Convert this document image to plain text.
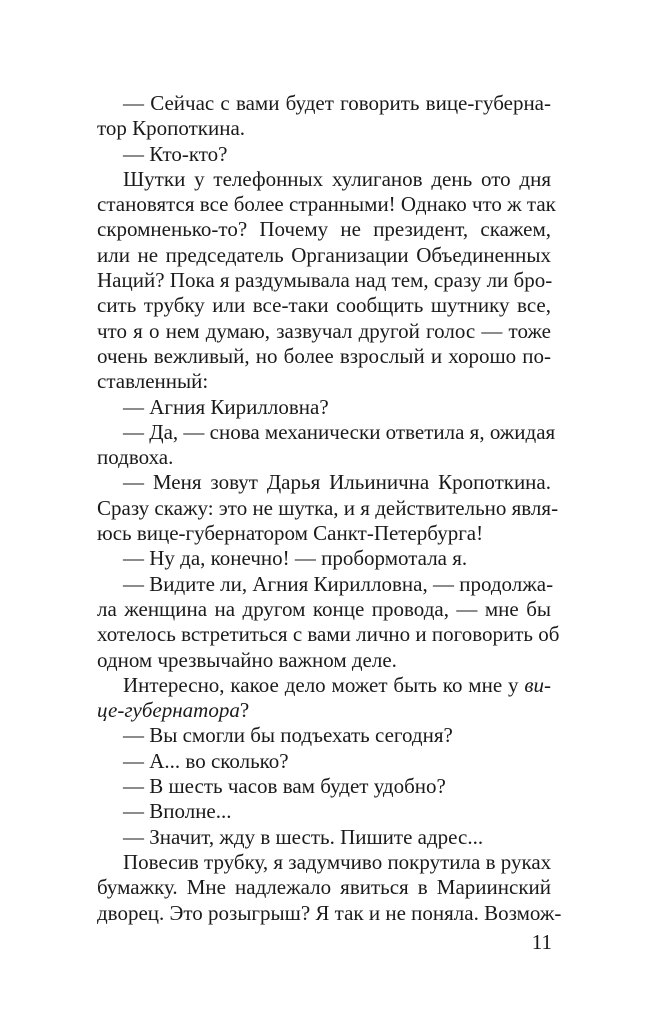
— Сейчас с вами будет говорить вице-губерна-
тор Кропоткина.
— Кто-кто?
Шутки у телефонных хулиганов день ото дня
становятся все более странными! Однако что ж так
скромненько-то? Почему не президент, скажем,
или не председатель Организации Объединенных
Наций? Пока я раздумывала над тем, сразу ли бро-
сить трубку или все-таки сообщить шутнику все,
что я о нем думаю, зазвучал другой голос — тоже
очень вежливый, но более взрослый и хорошо по-
ставленный:
— Агния Кирилловна?
— Да, — снова механически ответила я, ожидая
подвоха.
— Меня зовут Дарья Ильинична Кропоткина.
Сразу скажу: это не шутка, и я действительно явля-
юсь вице-губернатором Санкт-Петербурга!
— Ну да, конечно! — пробормотала я.
— Видите ли, Агния Кирилловна, — продолжа-
ла женщина на другом конце провода, — мне бы
хотелось встретиться с вами лично и поговорить об
одном чрезвычайно важном деле.
Интересно, какое дело может быть ко мне у ви-
це-губернатора?
— Вы смогли бы подъехать сегодня?
— А... во сколько?
— В шесть часов вам будет удобно?
— Вполне...
— Значит, жду в шесть. Пишите адрес...
Повесив трубку, я задумчиво покрутила в руках
бумажку. Мне надлежало явиться в Мариинский
дворец. Это розыгрыш? Я так и не поняла. Возмож-
11
